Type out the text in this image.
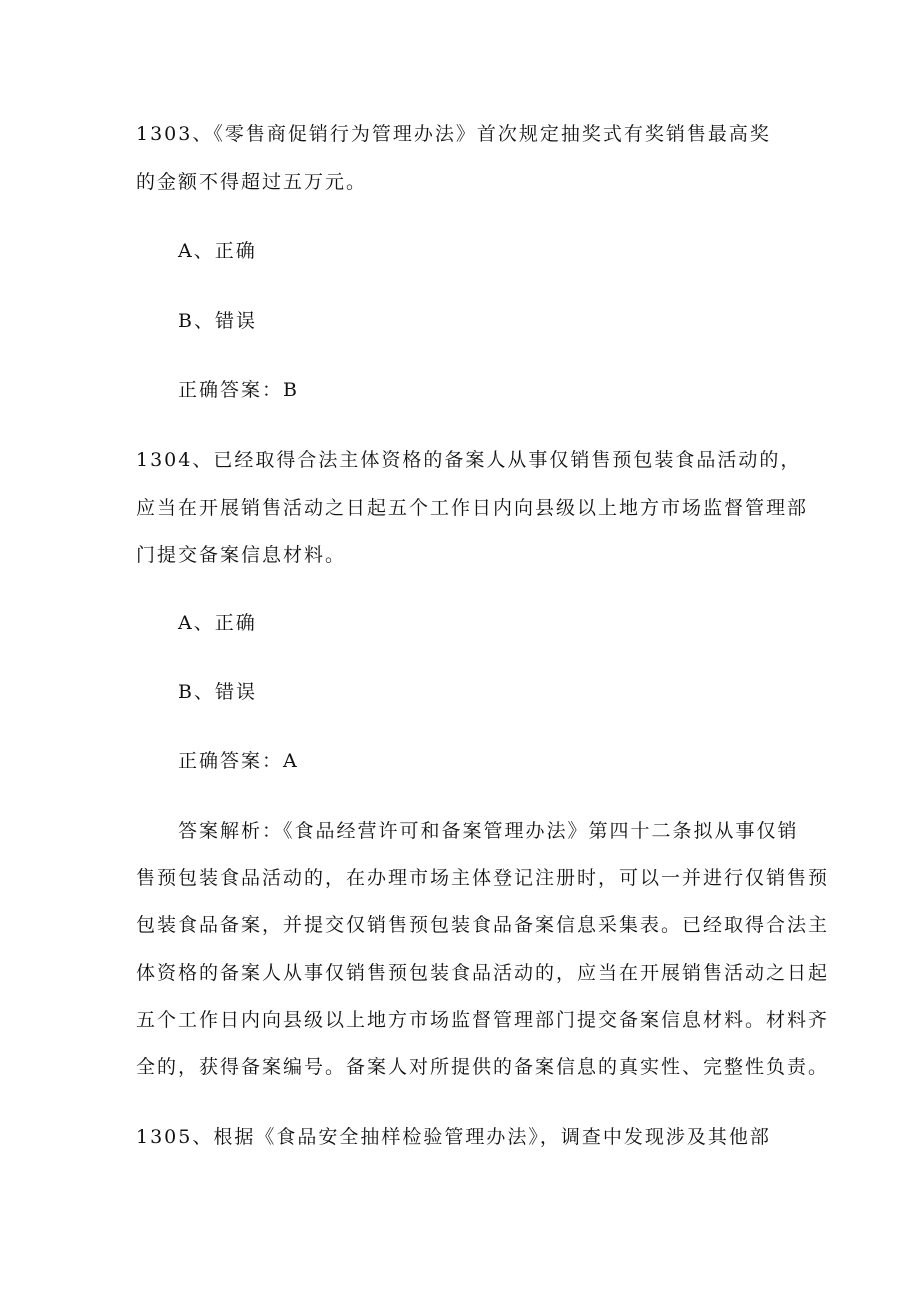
1303、《零售商促销行为管理办法》首次规定抽奖式有奖销售最高奖
的金额不得超过五万元。
A、正确
B、错误
正确答案：B
1304、已经取得合法主体资格的备案人从事仅销售预包装食品活动的，
应当在开展销售活动之日起五个工作日内向县级以上地方市场监督管理部
门提交备案信息材料。
A、正确
B、错误
正确答案：A
答案解析：《食品经营许可和备案管理办法》第四十二条拟从事仅销
售预包装食品活动的，在办理市场主体登记注册时，可以一并进行仅销售预
包装食品备案，并提交仅销售预包装食品备案信息采集表。已经取得合法主
体资格的备案人从事仅销售预包装食品活动的，应当在开展销售活动之日起
五个工作日内向县级以上地方市场监督管理部门提交备案信息材料。材料齐
全的，获得备案编号。备案人对所提供的备案信息的真实性、完整性负责。
1305、根据《食品安全抽样检验管理办法》，调查中发现涉及其他部
